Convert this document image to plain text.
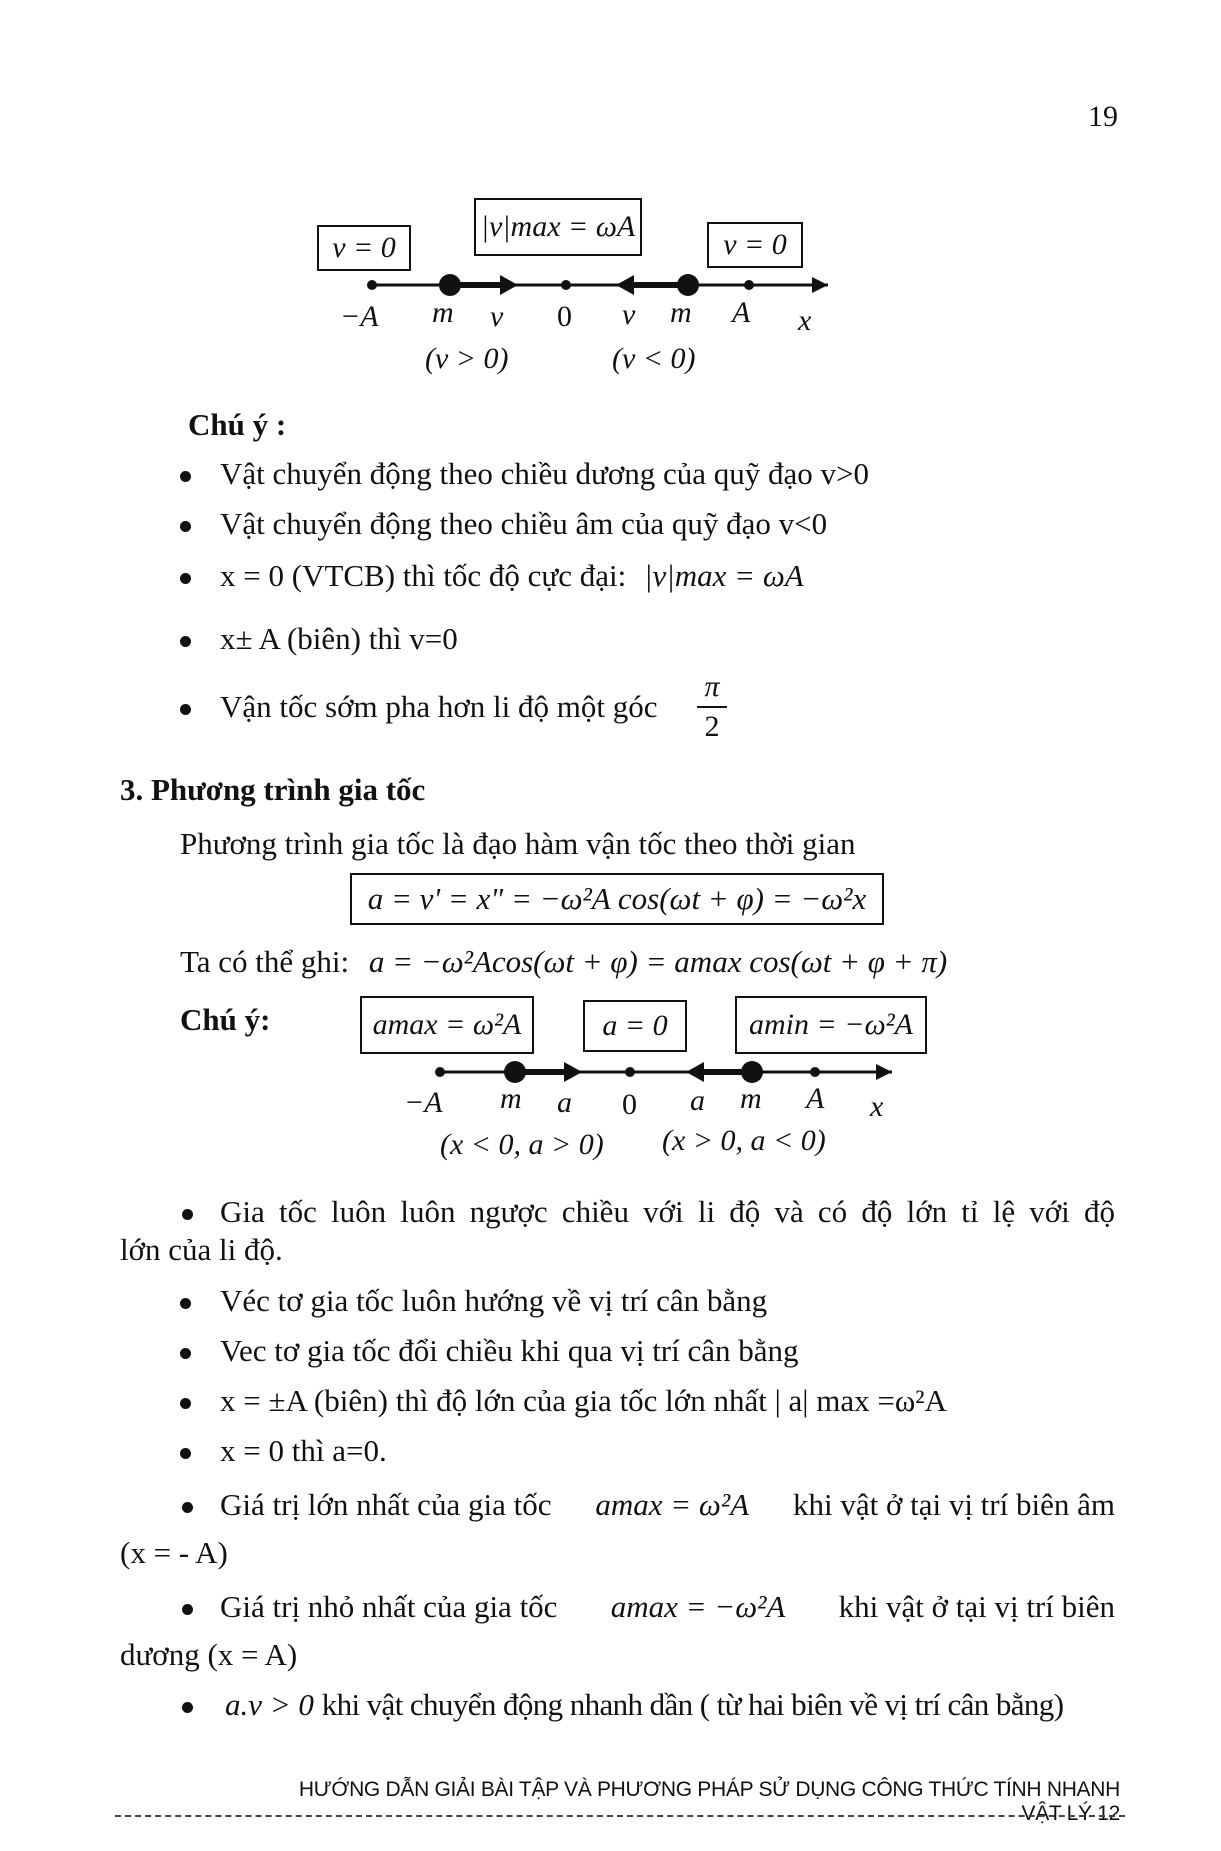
19
v = 0
|v|max = ωA
v = 0
−A m v⃗ 0 v⃗ m A x
(v > 0)	(v < 0)
Chú ý :
Vật chuyển động theo chiều dương của quỹ đạo v>0
Vật chuyển động theo chiều âm của quỹ đạo v<0
x = 0 (VTCB) thì tốc độ cực đại: |v|max = ωA
x± A (biên) thì v=0
Vận tốc sớm pha hơn li độ một góc
π
2
3. Phương trình gia tốc
Phương trình gia tốc là đạo hàm vận tốc theo thời gian
a = v' = x" = −ω²A cos(ωt + φ) = −ω²x
Ta có thể ghi: a = −ω²Acos(ωt + φ) = amax cos(ωt + φ + π)
Chú ý:	amax = ω²A	a = 0	amin = −ω²A
−A m a⃗ 0 a⃗ m A x
(x < 0, a > 0) (x > 0, a < 0)
Gia tốc luôn luôn ngược chiều với li độ và có độ lớn tỉ lệ với độ
lớn của li độ.
Véc tơ gia tốc luôn hướng về vị trí cân bằng
Vec tơ gia tốc đổi chiều khi qua vị trí cân bằng
x = ±A (biên) thì độ lớn của gia tốc lớn nhất | a| max =ω²A
x = 0 thì a=0.
Giá trị lớn nhất của gia tốc amax = ω²A khi vật ở tại vị trí biên âm
(x = - A)
Giá trị nhỏ nhất của gia tốc amax = −ω²A khi vật ở tại vị trí biên
dương (x = A)
a.v > 0 khi vật chuyển động nhanh dần ( từ hai biên về vị trí cân bằng)
HƯỚNG DẪN GIẢI BÀI TẬP VÀ PHƯƠNG PHÁP SỬ DỤNG CÔNG THỨC TÍNH NHANH VẬT LÝ 12
